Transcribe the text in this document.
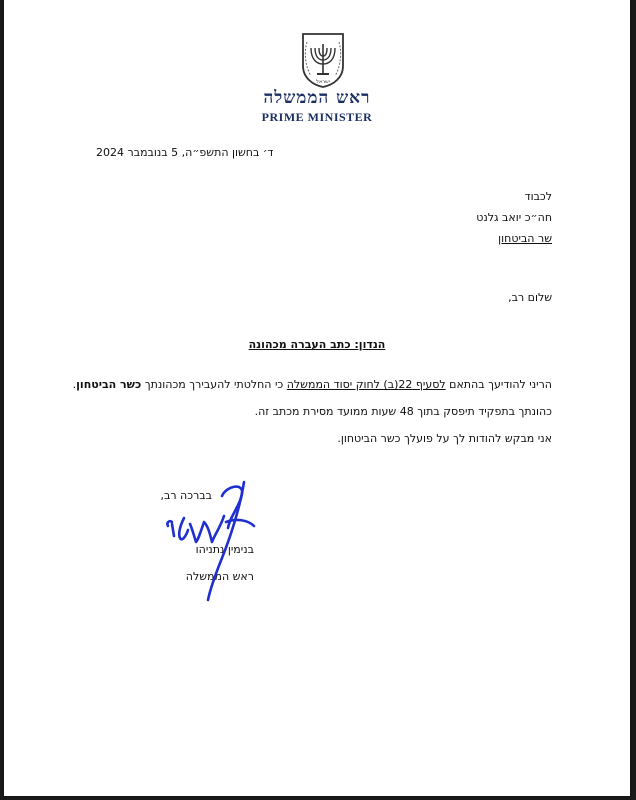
ישראל
ראש הממשלה
PRIME MINISTER
ד׳ בחשון התשפ״ה, 5 בנובמבר 2024
לכבוד
חה״כ יואב גלנט
שר הביטחון
שלום רב,
הנדון: כתב העברה מכהונה
הריני להודיעך בהתאם לסעיף 22(ב) לחוק יסוד הממשלה כי החלטתי להעבירך מכהונתך כשר הביטחון.
כהונתך בתפקיד תיפסק בתוך 48 שעות ממועד מסירת מכתב זה.
אני מבקש להודות לך על פועלך כשר הביטחון.
בברכה רב,
בנימין נתניהו
ראש הממשלה
